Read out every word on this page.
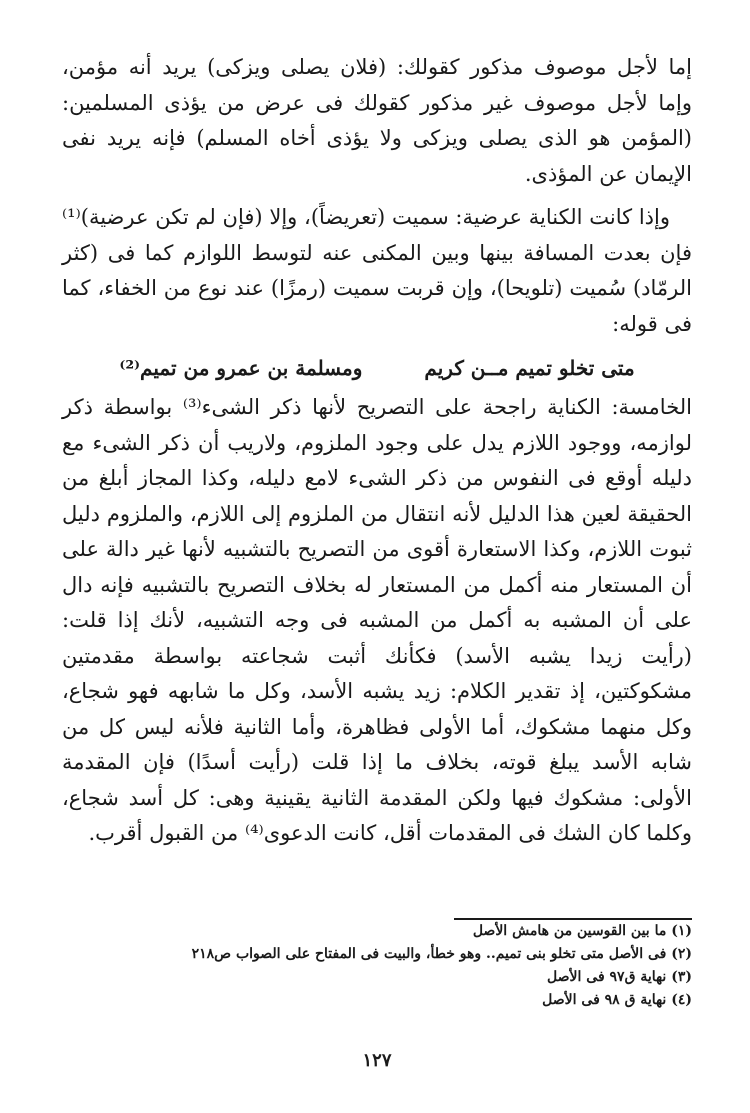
إما لأجل موصوف مذكور كقولك: (فلان يصلى ويزكى) يريد أنه مؤمن، وإما لأجل موصوف غير مذكور كقولك فى عرض من يؤذى المسلمين: (المؤمن هو الذى يصلى ويزكى ولا يؤذى أخاه المسلم) فإنه يريد نفى الإيمان عن المؤذى.

وإذا كانت الكناية عرضية: سميت (تعريضاً)، وإلا (فإن لم تكن عرضية)⁽¹⁾ فإن بعدت المسافة بينها وبين المكنى عنه لتوسط اللوازم كما فى (كثر الرمّاد) سُميت (تلويحا)، وإن قربت سميت (رمزًا) عند نوع من الخفاء، كما فى قوله:

متى تخلو تميم مــن كريم
ومسلمة بن عمرو من تميم⁽²⁾

الخامسة: الكناية راجحة على التصريح لأنها ذكر الشىء⁽³⁾ بواسطة ذكر لوازمه، ووجود اللازم يدل على وجود الملزوم، ولاريب أن ذكر الشىء مع دليله أوقع فى النفوس من ذكر الشىء لامع دليله، وكذا المجاز أبلغ من الحقيقة لعين هذا الدليل لأنه انتقال من الملزوم إلى اللازم، والملزوم دليل ثبوت اللازم، وكذا الاستعارة أقوى من التصريح بالتشبيه لأنها غير دالة على أن المستعار منه أكمل من المستعار له بخلاف التصريح بالتشبيه فإنه دال على أن المشبه به أكمل من المشبه فى وجه التشبيه، لأنك إذا قلت: (رأيت زيدا يشبه الأسد) فكأنك أثبت شجاعته بواسطة مقدمتين مشكوكتين، إذ تقدير الكلام: زيد يشبه الأسد، وكل ما شابهه فهو شجاع، وكل منهما مشكوك، أما الأولى فظاهرة، وأما الثانية فلأنه ليس كل من شابه الأسد يبلغ قوته، بخلاف ما إذا قلت (رأيت أسدًا) فإن المقدمة الأولى: مشكوك فيها ولكن المقدمة الثانية يقينية وهى: كل أسد شجاع، وكلما كان الشك فى المقدمات أقل، كانت الدعوى⁽⁴⁾ من القبول أقرب.

(١) ما بين القوسين من هامش الأصل
(٢) فى الأصل متى تخلو بنى تميم.. وهو خطأ، والبيت فى المفتاح على الصواب ص٢١٨
(٣) نهاية ق٩٧ فى الأصل
(٤) نهاية ق ٩٨ فى الأصل
١٢٧
